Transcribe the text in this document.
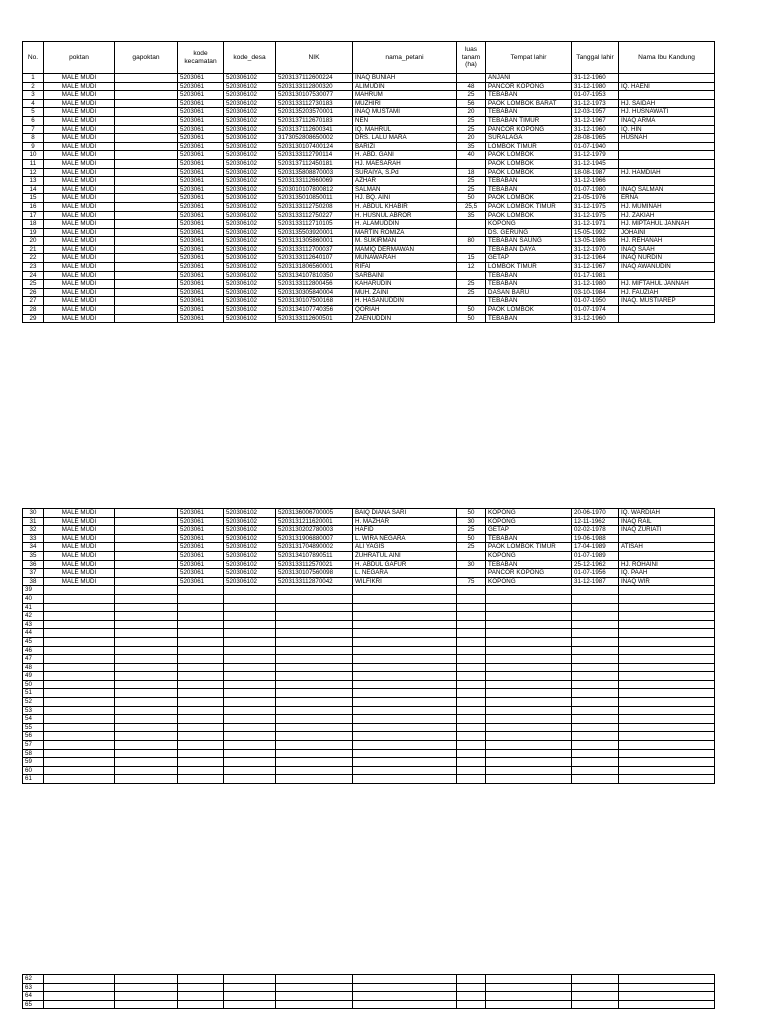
No.	poktan	gapoktan	kode kecamatan	kode_desa	NIK	nama_petani	luas tanam (ha)	Tempat lahir	Tanggal lahir	Nama Ibu Kandung
1	MALE MUDI		5203061	520306102	5203137112600224	INAQ BUNIAH		ANJANI	31-12-1960	
2	MALE MUDI		5203061	520306102	5203133112800320	ALIMUDIN	48	PANCOR KOPONG	31-12-1980	IQ. HAENI
3	MALE MUDI		5203061	520306102	5203130107530077	MAHRUM	25	TEBABAN	01-07-1953	
4	MALE MUDI		5203061	520306102	5203133112730183	MUZHIRI	56	PAOK LOMBOK BARAT	31-12-1973	HJ. SAIDAH
5	MALE MUDI		5203061	520306102	5203135203570001	INAQ MUSTAMI	20	TEBABAN	12-03-1957	HJ. HUSNAWATI
6	MALE MUDI		5203061	520306102	5203137112670183	NEN	25	TEBABAN TIMUR	31-12-1967	INAQ ARMA
7	MALE MUDI		5203061	520306102	5203137112600341	IQ. MAHRUL	25	PANCOR KOPONG	31-12-1960	IQ. HIN
8	MALE MUDI		5203061	520306102	3173052808650002	DRS. LALU MARA	20	SURALAGA	28-08-1965	HUSNAH
9	MALE MUDI		5203061	520306102	5203130107400124	BARIZI	35	LOMBOK TIMUR	01-07-1940	
10	MALE MUDI		5203061	520306102	5203133112790114	H. ABD. GANI	40	PAOK LOMBOK	31-12-1979	
11	MALE MUDI		5203061	520306102	5203137112450181	HJ. MAESARAH		PAOK LOMBOK	31-12-1945	
12	MALE MUDI		5203061	520306102	5203135808870003	SURAIYA, S.Pd	18	PAOK LOMBOK	18-08-1987	HJ. HAMDIAH
13	MALE MUDI		5203061	520306102	5203133112660069	AZHAR	25	TEBABAN	31-12-1966	
14	MALE MUDI		5203061	520306102	5203010107800812	SALMAN	25	TEBABAN	01-07-1980	INAQ SALMAN
15	MALE MUDI		5203061	520306102	5203135010850011	HJ. BQ. AINI	50	PAOK LOMBOK	21-05-1976	ERNA
16	MALE MUDI		5203061	520306102	5203133112750208	H. ABDUL KHABIR	25,5	PAOK LOMBOK TIMUR	31-12-1975	HJ. MUMINAH
17	MALE MUDI		5203061	520306102	5203133112750227	H. HUSNUL ABROR	35	PAOK LOMBOK	31-12-1975	HJ. ZAKIAH
18	MALE MUDI		5203061	520306102	5203133112710105	H. ALAMUDDIN		KOPONG	31-12-1971	HJ. MIPTAHUL JANNAH
19	MALE MUDI		5203061	520306102	5203135503920001	MARTIN ROMIZA		DS. GERUNG	15-05-1992	JOHAINI
20	MALE MUDI		5203061	520306102	5203131305860001	M. SUKIRMAN	80	TEBABAN SAUNG	13-05-1986	HJ. REHANAH
21	MALE MUDI		5203061	520306102	5203133112700037	MAMIQ DERMAWAN		TEBABAN DAYA	31-12-1970	INAQ SAAH
22	MALE MUDI		5203061	520306102	5203133112640107	MUNAWARAH	15	GETAP	31-12-1964	INAQ NURDIN
23	MALE MUDI		5203061	520306102	5203131806560001	RIFAI	12	LOMBOK TIMUR	31-12-1967	INAQ AWANUDIN
24	MALE MUDI		5203061	520306102	5203134107810350	SARBAINI		TEBABAN	01-17-1981	
25	MALE MUDI		5203061	520306102	5203133112800456	KAHARUDIN	25	TEBABAN	31-12-1980	HJ. MIFTAHUL JANNAH
26	MALE MUDI		5203061	520306102	5203130305840004	MUH. ZAINI	25	DASAN BARU	03-10-1984	HJ. FAUZIAH
27	MALE MUDI		5203061	520306102	5203130107500168	H. HASANUDDIN		TEBABAN	01-07-1950	INAQ. MUSTIAREP
28	MALE MUDI		5203061	520306102	5203134107740356	QORIAH	50	PAOK LOMBOK	01-07-1974	
29	MALE MUDI		5203061	520306102	5203133112600501	ZAENUDDIN	50	TEBABAN	31-12-1960	
30	MALE MUDI		5203061	520306102	5203136006700005	BAIQ DIANA SARI	50	KOPONG	20-06-1970	IQ. WARDIAH
31	MALE MUDI		5203061	520306102	5203131211620001	H. MAZHAR	30	KOPONG	12-11-1962	INAQ RAIL
32	MALE MUDI		5203061	520306102	5203130202780003	HAFID	25	GETAP	02-02-1978	INAQ ZURIATI
33	MALE MUDI		5203061	520306102	5203131906880007	L. WIRA NEGARA	50	TEBABAN	19-06-1988	
34	MALE MUDI		5203061	520306102	5203131704890002	ALI YAGIS	25	PAOK LOMBOK TIMUR	17-04-1989	ATISAH
35	MALE MUDI		5203061	520306102	5203134107890511	ZUHRATUL AINI		KOPONG	01-07-1989	
36	MALE MUDI		5203061	520306102	5203133112570021	H. ABDUL GAFUR	30	TEBABAN	25-12-1962	HJ. ROHAINI
37	MALE MUDI		5203061	520306102	5203130107560098	L. NEGARA		PANCOR KOPONG	01-07-1956	IQ. PAAH
38	MALE MUDI		5203061	520306102	5203133112870042	WILFIKRI	75	KOPONG	31-12-1987	INAQ WIR
39										
40										
41										
42										
43										
44										
45										
46										
47										
48										
49										
50										
51										
52										
53										
54										
55										
56										
57										
58										
59										
60										
61										
62										
63										
64										
65										
